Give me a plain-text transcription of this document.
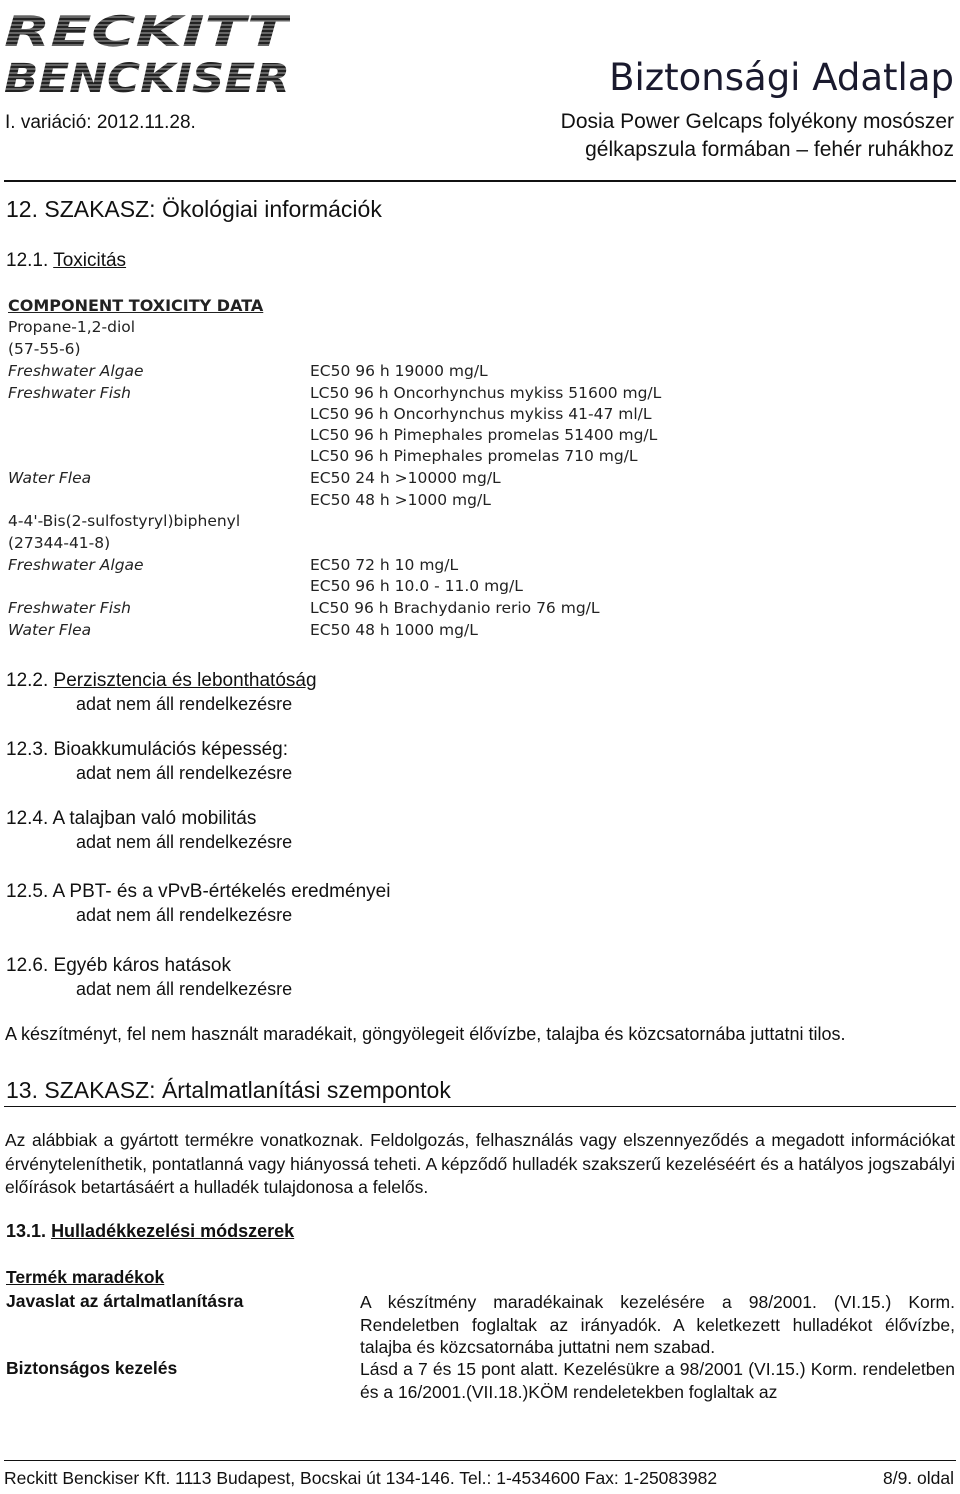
RECKITT
BENCKISER	Biztonsági Adatlap
I. variáció: 2012.11.28.	Dosia Power Gelcaps folyékony mosószer
gélkapszula formában – fehér ruhákhoz
12. SZAKASZ: Ökológiai információk
12.1. Toxicitás
COMPONENT TOXICITY DATA
Propane-1,2-diol
(57-55-6)
Freshwater Algae	EC50 96 h 19000 mg/L
Freshwater Fish	LC50 96 h Oncorhynchus mykiss 51600 mg/L
LC50 96 h Oncorhynchus mykiss 41-47 ml/L
LC50 96 h Pimephales promelas 51400 mg/L
LC50 96 h Pimephales promelas 710 mg/L
Water Flea	EC50 24 h >10000 mg/L
EC50 48 h >1000 mg/L
4-4'-Bis(2-sulfostyryl)biphenyl
(27344-41-8)
Freshwater Algae	EC50 72 h 10 mg/L
EC50 96 h 10.0 - 11.0 mg/L
Freshwater Fish	LC50 96 h Brachydanio rerio 76 mg/L
Water Flea	EC50 48 h 1000 mg/L
12.2. Perzisztencia és lebonthatóság
adat nem áll rendelkezésre
12.3. Bioakkumulációs képesség:
adat nem áll rendelkezésre
12.4. A talajban való mobilitás
adat nem áll rendelkezésre
12.5. A PBT- és a vPvB-értékelés eredményei
adat nem áll rendelkezésre
12.6. Egyéb káros hatások
adat nem áll rendelkezésre
A készítményt, fel nem használt maradékait, göngyölegeit élővízbe, talajba és közcsatornába juttatni tilos.
13. SZAKASZ: Ártalmatlanítási szempontok
Az alábbiak a gyártott termékre vonatkoznak. Feldolgozás, felhasználás vagy elszennyeződés a megadott információkat érvényteleníthetik, pontatlanná vagy hiányossá teheti. A képződő hulladék szakszerű kezeléséért és a hatályos jogszabályi előírások betartásáért a hulladék tulajdonosa a felelős.
13.1. Hulladékkezelési módszerek
Termék maradékok
Javaslat az ártalmatlanításra	A készítmény maradékainak kezelésére a 98/2001. (VI.15.) Korm. Rendeletben foglaltak az irányadók. A keletkezett hulladékot élővízbe, talajba és közcsatornába juttatni nem szabad.
Biztonságos kezelés	Lásd a 7 és 15 pont alatt. Kezelésükre a 98/2001 (VI.15.) Korm. rendeletben és a 16/2001.(VII.18.)KÖM rendeletekben foglaltak az
Reckitt Benckiser Kft. 1113 Budapest, Bocskai út 134-146. Tel.: 1-4534600 Fax: 1-25083982	8/9. oldal
